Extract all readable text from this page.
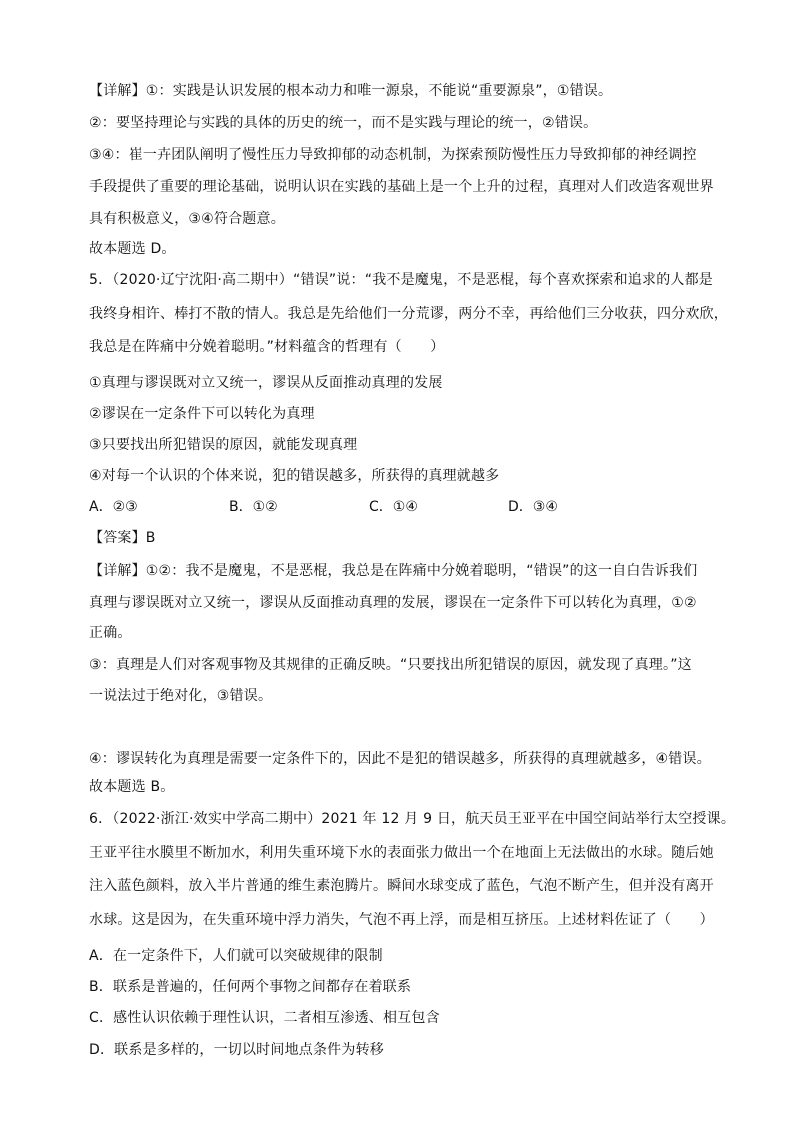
【详解】①：实践是认识发展的根本动力和唯一源泉，不能说“重要源泉”，①错误。
②：要坚持理论与实践的具体的历史的统一，而不是实践与理论的统一，②错误。
③④：崔一卉团队阐明了慢性压力导致抑郁的动态机制，为探索预防慢性压力导致抑郁的神经调控
手段提供了重要的理论基础，说明认识在实践的基础上是一个上升的过程，真理对人们改造客观世界
具有积极意义，③④符合题意。
故本题选 D。
5．（2020·辽宁沈阳·高二期中）“错误”说：“我不是魔鬼，不是恶棍，每个喜欢探索和追求的人都是
我终身相许、棒打不散的情人。我总是先给他们一分荒谬，两分不幸，再给他们三分收获，四分欢欣，
我总是在阵痛中分娩着聪明。”材料蕴含的哲理有（　　）
①真理与谬误既对立又统一，谬误从反面推动真理的发展
②谬误在一定条件下可以转化为真理
③只要找出所犯错误的原因，就能发现真理
④对每一个认识的个体来说，犯的错误越多，所获得的真理就越多
A．②③	B．①②	C．①④	D．③④
【答案】B
【详解】①②：我不是魔鬼，不是恶棍，我总是在阵痛中分娩着聪明，“错误”的这一自白告诉我们
真理与谬误既对立又统一，谬误从反面推动真理的发展，谬误在一定条件下可以转化为真理，①②
正确。
③：真理是人们对客观事物及其规律的正确反映。“只要找出所犯错误的原因，就发现了真理。”这
一说法过于绝对化，③错误。
④：谬误转化为真理是需要一定条件下的，因此不是犯的错误越多，所获得的真理就越多，④错误。
故本题选 B。
6．（2022·浙江·效实中学高二期中）2021 年 12 月 9 日，航天员王亚平在中国空间站举行太空授课。
王亚平往水膜里不断加水，利用失重环境下水的表面张力做出一个在地面上无法做出的水球。随后她
注入蓝色颜料，放入半片普通的维生素泡腾片。瞬间水球变成了蓝色，气泡不断产生，但并没有离开
水球。这是因为，在失重环境中浮力消失，气泡不再上浮，而是相互挤压。上述材料佐证了（　　）
A．在一定条件下，人们就可以突破规律的限制
B．联系是普遍的，任何两个事物之间都存在着联系
C．感性认识依赖于理性认识，二者相互渗透、相互包含
D．联系是多样的，一切以时间地点条件为转移
